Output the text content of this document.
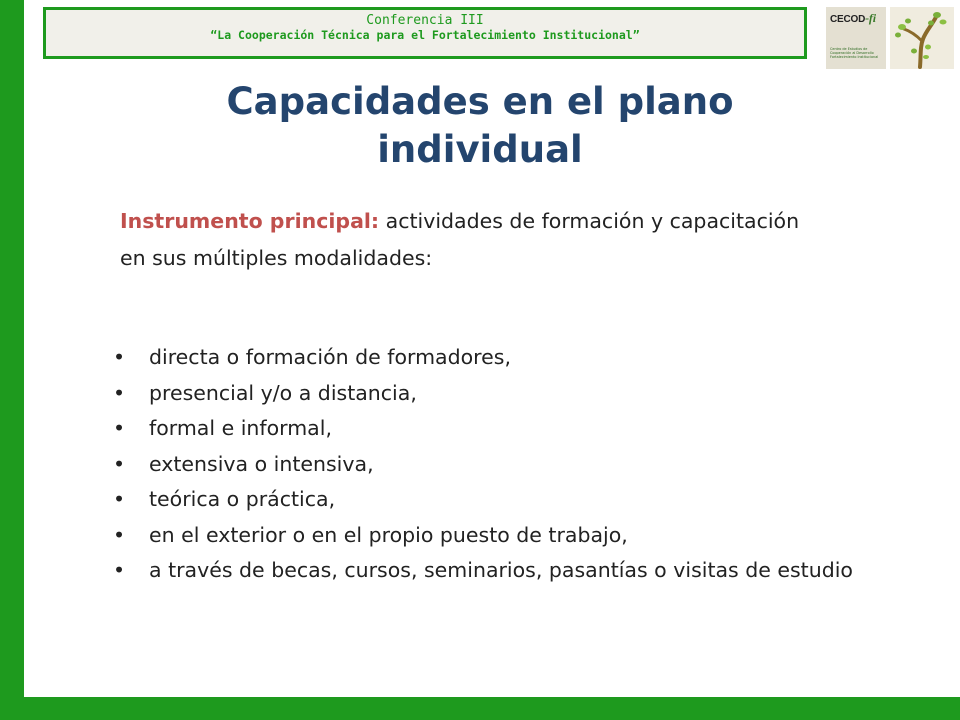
Conferencia III
“La Cooperación Técnica para el Fortalecimiento Institucional”
CECOD-fi
Centro de Estudios de Cooperación al Desarrollo Fortalecimiento Institucional
Capacidades en el plano
individual
Instrumento principal: actividades de formación y capacitación en sus múltiples modalidades:
• directa o formación de formadores,
• presencial y/o a distancia,
• formal e informal,
• extensiva o intensiva,
• teórica o práctica,
• en el exterior o en el propio puesto de trabajo,
• a través de becas, cursos, seminarios, pasantías o visitas de estudio
